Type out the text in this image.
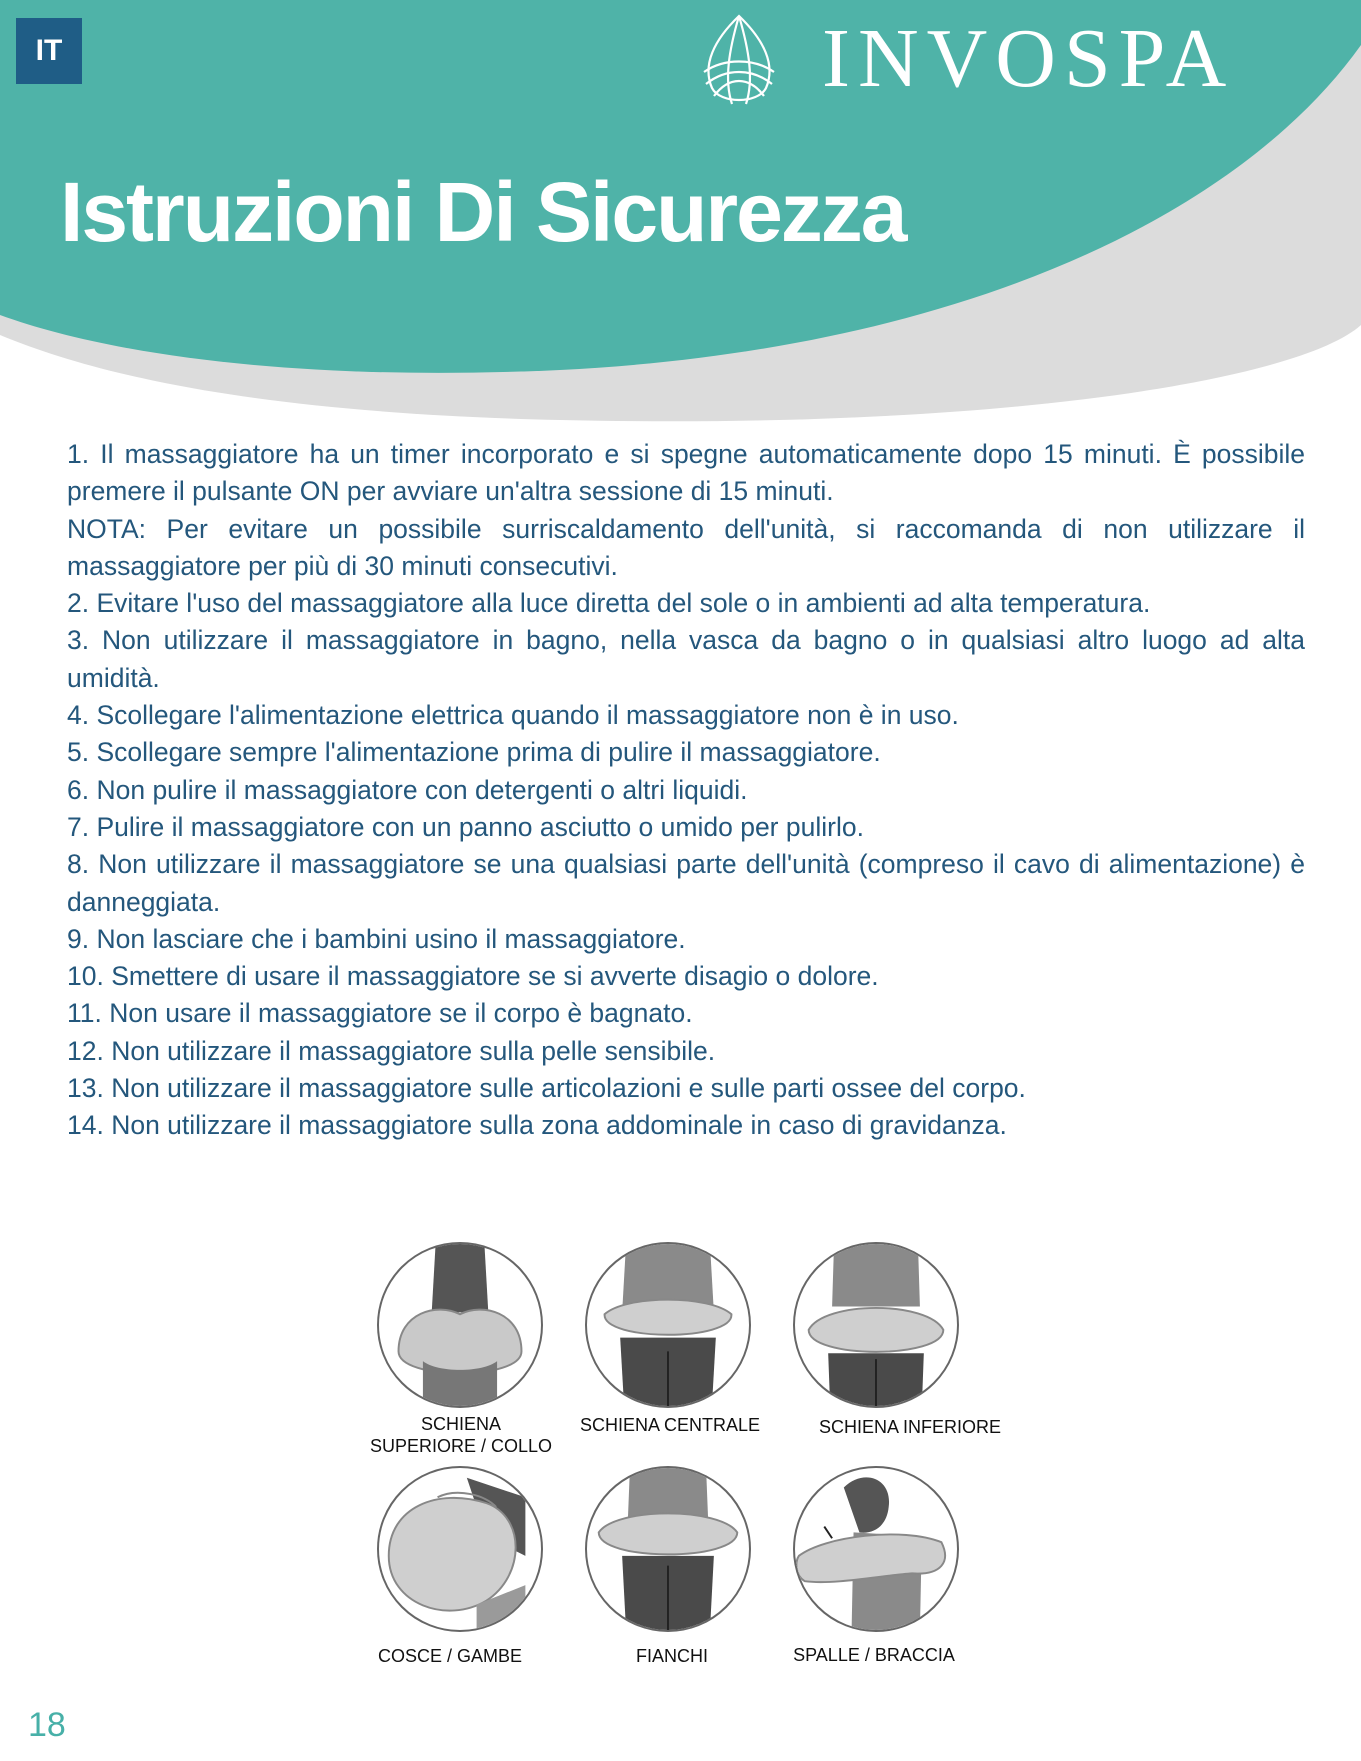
IT	INVOSPA
Istruzioni Di Sicurezza

1. Il massaggiatore ha un timer incorporato e si spegne automaticamente dopo 15 minuti. È possibile premere il pulsante ON per avviare un'altra sessione di 15 minuti.

NOTA: Per evitare un possibile surriscaldamento dell'unità, si raccomanda di non utilizzare il massaggiatore per più di 30 minuti consecutivi.

2. Evitare l'uso del massaggiatore alla luce diretta del sole o in ambienti ad alta temperatura.

3. Non utilizzare il massaggiatore in bagno, nella vasca da bagno o in qualsiasi altro luogo ad alta umidità.

4. Scollegare l'alimentazione elettrica quando il massaggiatore non è in uso.

5. Scollegare sempre l'alimentazione prima di pulire il massaggiatore.

6. Non pulire il massaggiatore con detergenti o altri liquidi.

7. Pulire il massaggiatore con un panno asciutto o umido per pulirlo.

8. Non utilizzare il massaggiatore se una qualsiasi parte dell'unità (compreso il cavo di alimentazione) è danneggiata.

9. Non lasciare che i bambini usino il massaggiatore.

10. Smettere di usare il massaggiatore se si avverte disagio o dolore.

11. Non usare il massaggiatore se il corpo è bagnato.

12. Non utilizzare il massaggiatore sulla pelle sensibile.

13. Non utilizzare il massaggiatore sulle articolazioni e sulle parti ossee del corpo.

14. Non utilizzare il massaggiatore sulla zona addominale in caso di gravidanza.

SCHIENA
SUPERIORE / COLLO
SCHIENA CENTRALE	SCHIENA INFERIORE
COSCE / GAMBE	FIANCHI	SPALLE / BRACCIA
18
